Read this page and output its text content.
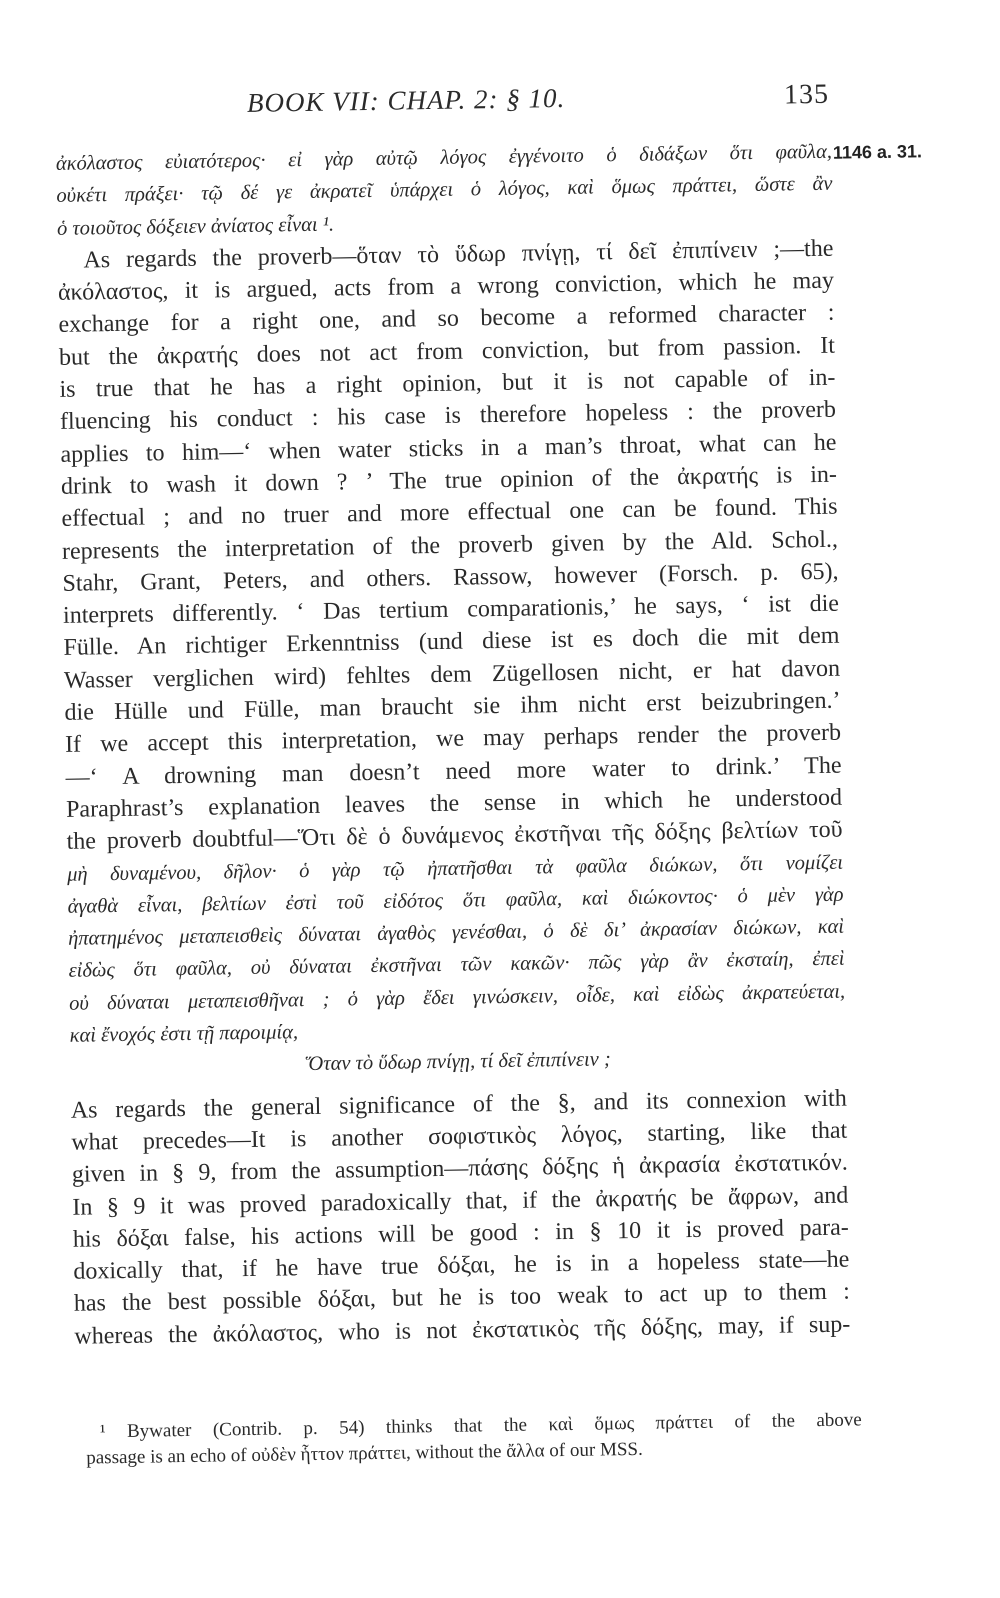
BOOK VII: CHAP. 2: § 10.	135
1146 a. 31.
ἀκόλαστος εὐιατότερος· εἰ γὰρ αὐτῷ λόγος ἐγγένοιτο ὁ διδάξων ὅτι φαῦλα,
οὐκέτι πράξει· τῷ δέ γε ἀκρατεῖ ὑπάρχει ὁ λόγος, καὶ ὅμως πράττει, ὥστε ἂν
ὁ τοιοῦτος δόξειεν ἀνίατος εἶναι ¹.
As regards the proverb—ὅταν τὸ ὕδωρ πνίγῃ, τί δεῖ ἐπιπίνειν ;—the
ἀκόλαστος, it is argued, acts from a wrong conviction, which he may
exchange for a right one, and so become a reformed character :
but the ἀκρατής does not act from conviction, but from passion. It
is true that he has a right opinion, but it is not capable of in-
fluencing his conduct : his case is therefore hopeless : the proverb
applies to him—‘ when water sticks in a man’s throat, what can he
drink to wash it down ? ’ The true opinion of the ἀκρατής is in-
effectual ; and no truer and more effectual one can be found. This
represents the interpretation of the proverb given by the Ald. Schol.,
Stahr, Grant, Peters, and others. Rassow, however (Forsch. p. 65),
interprets differently. ‘ Das tertium comparationis,’ he says, ‘ ist die
Fülle. An richtiger Erkenntniss (und diese ist es doch die mit dem
Wasser verglichen wird) fehltes dem Zügellosen nicht, er hat davon
die Hülle und Fülle, man braucht sie ihm nicht erst beizubringen.’
If we accept this interpretation, we may perhaps render the proverb
—‘ A drowning man doesn’t need more water to drink.’ The
Paraphrast’s explanation leaves the sense in which he understood
the proverb doubtful—Ὅτι δὲ ὁ δυνάμενος ἐκστῆναι τῆς δόξης βελτίων τοῦ
μὴ δυναμένου, δῆλον· ὁ γὰρ τῷ ἠπατῆσθαι τὰ φαῦλα διώκων, ὅτι νομίζει
ἀγαθὰ εἶναι, βελτίων ἐστὶ τοῦ εἰδότος ὅτι φαῦλα, καὶ διώκοντος· ὁ μὲν γὰρ
ἠπατημένος μεταπεισθεὶς δύναται ἀγαθὸς γενέσθαι, ὁ δὲ δι’ ἀκρασίαν διώκων, καὶ
εἰδὼς ὅτι φαῦλα, οὐ δύναται ἐκστῆναι τῶν κακῶν· πῶς γὰρ ἂν ἐκσταίη, ἐπεὶ
οὐ δύναται μεταπεισθῆναι ; ὁ γὰρ ἔδει γινώσκειν, οἶδε, καὶ εἰδὼς ἀκρατεύεται,
καὶ ἔνοχός ἐστι τῇ παροιμίᾳ,
Ὅταν τὸ ὕδωρ πνίγῃ, τί δεῖ ἐπιπίνειν ;
As regards the general significance of the §, and its connexion with
what precedes—It is another σοφιστικὸς λόγος, starting, like that
given in § 9, from the assumption—πάσης δόξης ἡ ἀκρασία ἐκστατικόν.
In § 9 it was proved paradoxically that, if the ἀκρατής be ἄφρων, and
his δόξαι false, his actions will be good : in § 10 it is proved para-
doxically that, if he have true δόξαι, he is in a hopeless state—he
has the best possible δόξαι, but he is too weak to act up to them :
whereas the ἀκόλαστος, who is not ἐκστατικὸς τῆς δόξης, may, if sup-
¹ Bywater (Contrib. p. 54) thinks that the καὶ ὅμως πράττει of the above
passage is an echo of οὐδὲν ἧττον πράττει, without the ἄλλα of our MSS.
